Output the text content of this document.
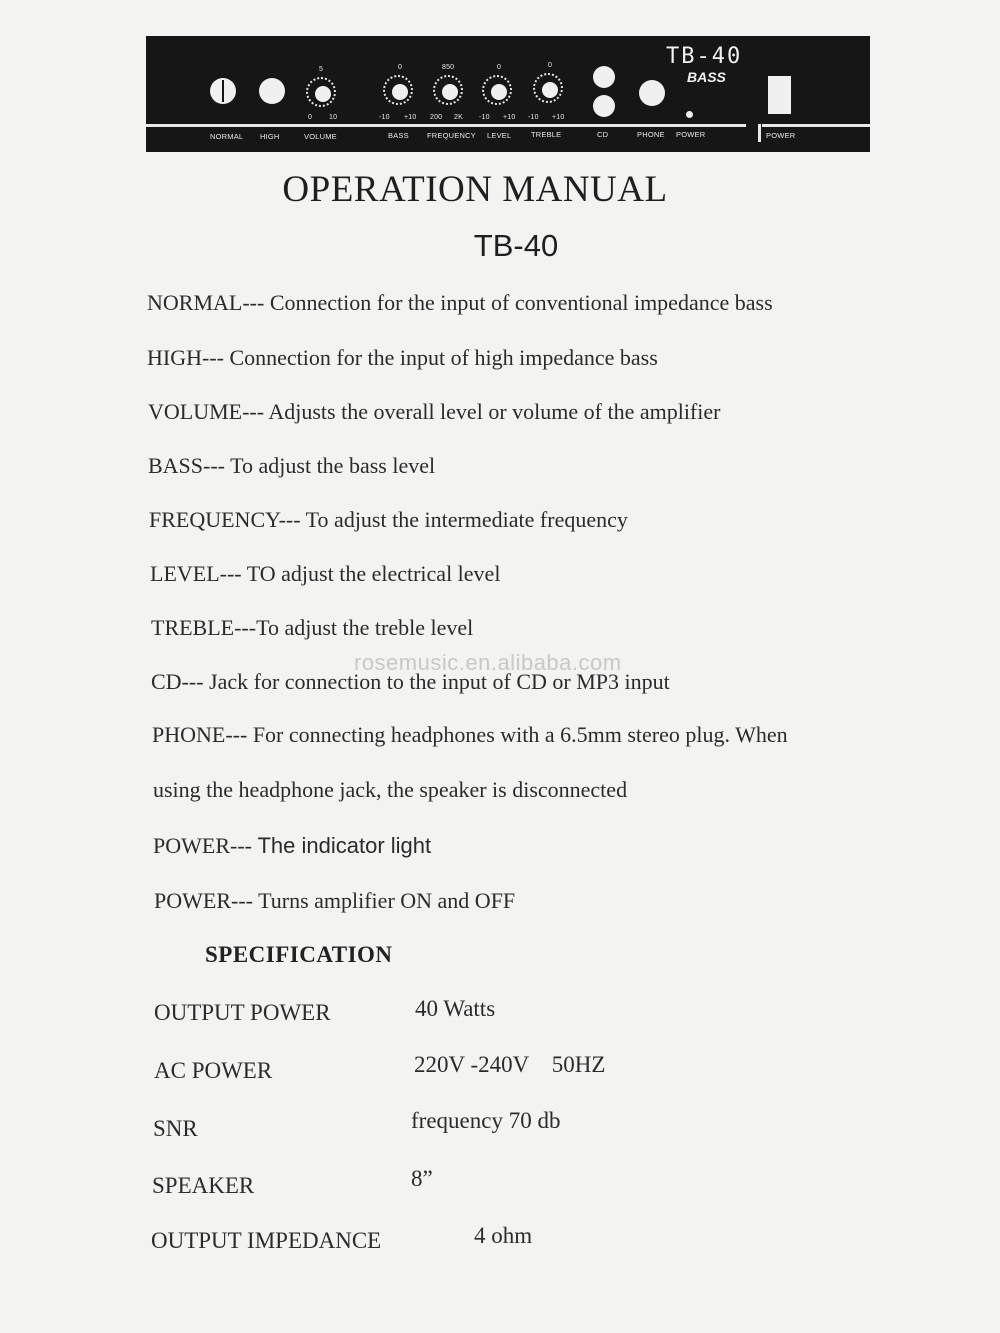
5
0 10
0
-10 +10
850
200 2K
0
-10 +10
0
-10 +10
TB-40
BASS
NORMAL HIGH	VOLUME	BASS FREQUENCY LEVEL	TREBLE	CD	PHONE POWER	POWER
OPERATION MANUAL
TB-40
NORMAL--- Connection for the input of conventional impedance bass
HIGH--- Connection for the input of high impedance bass
VOLUME--- Adjusts the overall level or volume of the amplifier
BASS--- To adjust the bass level
FREQUENCY--- To adjust the intermediate frequency
LEVEL--- TO adjust the electrical level
TREBLE---To adjust the treble level
rosemusic.en.alibaba.com
CD--- Jack for connection to the input of CD or MP3 input
PHONE--- For connecting headphones with a 6.5mm stereo plug. When
using the headphone jack, the speaker is disconnected
POWER--- The indicator light
POWER--- Turns amplifier ON and OFF
SPECIFICATION
OUTPUT POWER	40 Watts
AC POWER	220V -240V    50HZ
SNR	frequency 70 db
SPEAKER	8”
OUTPUT IMPEDANCE	4 ohm
